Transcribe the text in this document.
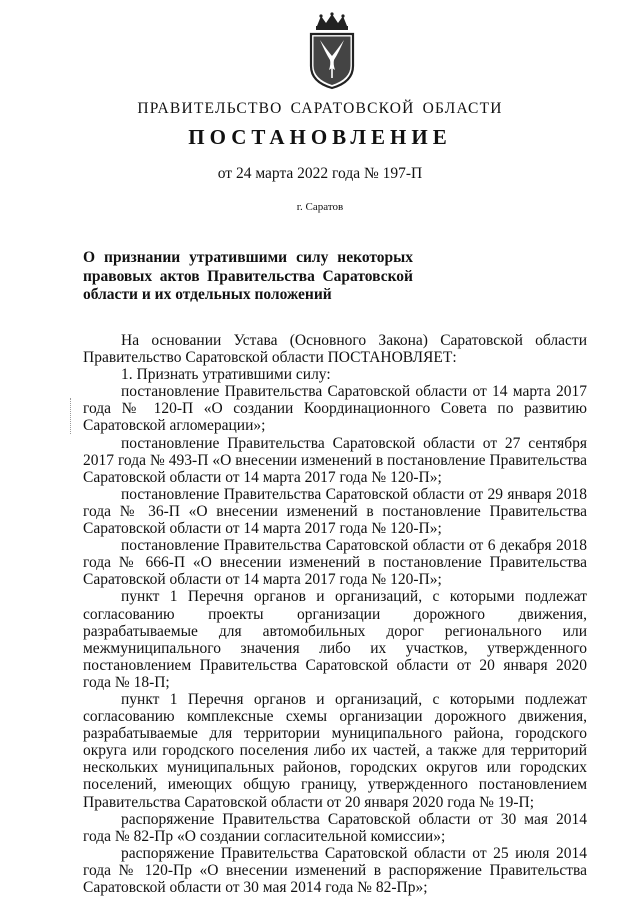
ПРАВИТЕЛЬСТВО САРАТОВСКОЙ ОБЛАСТИ
ПОСТАНОВЛЕНИЕ
от 24 марта 2022 года № 197-П
г. Саратов
О признании утратившими силу некоторых правовых актов Правительства Саратовской области и их отдельных положений

На основании Устава (Основного Закона) Саратовской области Правительство Саратовской области ПОСТАНОВЛЯЕТ:

1. Признать утратившими силу:

постановление Правительства Саратовской области от 14 марта 2017 года № 120-П «О создании Координационного Совета по развитию Саратовской агломерации»;

постановление Правительства Саратовской области от 27 сентября 2017 года № 493-П «О внесении изменений в постановление Правительства Саратовской области от 14 марта 2017 года № 120-П»;

постановление Правительства Саратовской области от 29 января 2018 года № 36-П «О внесении изменений в постановление Правительства Саратовской области от 14 марта 2017 года № 120-П»;

постановление Правительства Саратовской области от 6 декабря 2018 года № 666-П «О внесении изменений в постановление Правительства Саратовской области от 14 марта 2017 года № 120-П»;

пункт 1 Перечня органов и организаций, с которыми подлежат согласованию проекты организации дорожного движения, разрабатываемые для автомобильных дорог регионального или межмуниципального значения либо их участков, утвержденного постановлением Правительства Саратовской области от 20 января 2020 года № 18-П;

пункт 1 Перечня органов и организаций, с которыми подлежат согласованию комплексные схемы организации дорожного движения, разрабатываемые для территории муниципального района, городского округа или городского поселения либо их частей, а также для территорий нескольких муниципальных районов, городских округов или городских поселений, имеющих общую границу, утвержденного постановлением Правительства Саратовской области от 20 января 2020 года № 19-П;

распоряжение Правительства Саратовской области от 30 мая 2014 года № 82-Пр «О создании согласительной комиссии»;

распоряжение Правительства Саратовской области от 25 июля 2014 года № 120-Пр «О внесении изменений в распоряжение Правительства Саратовской области от 30 мая 2014 года № 82-Пр»;
